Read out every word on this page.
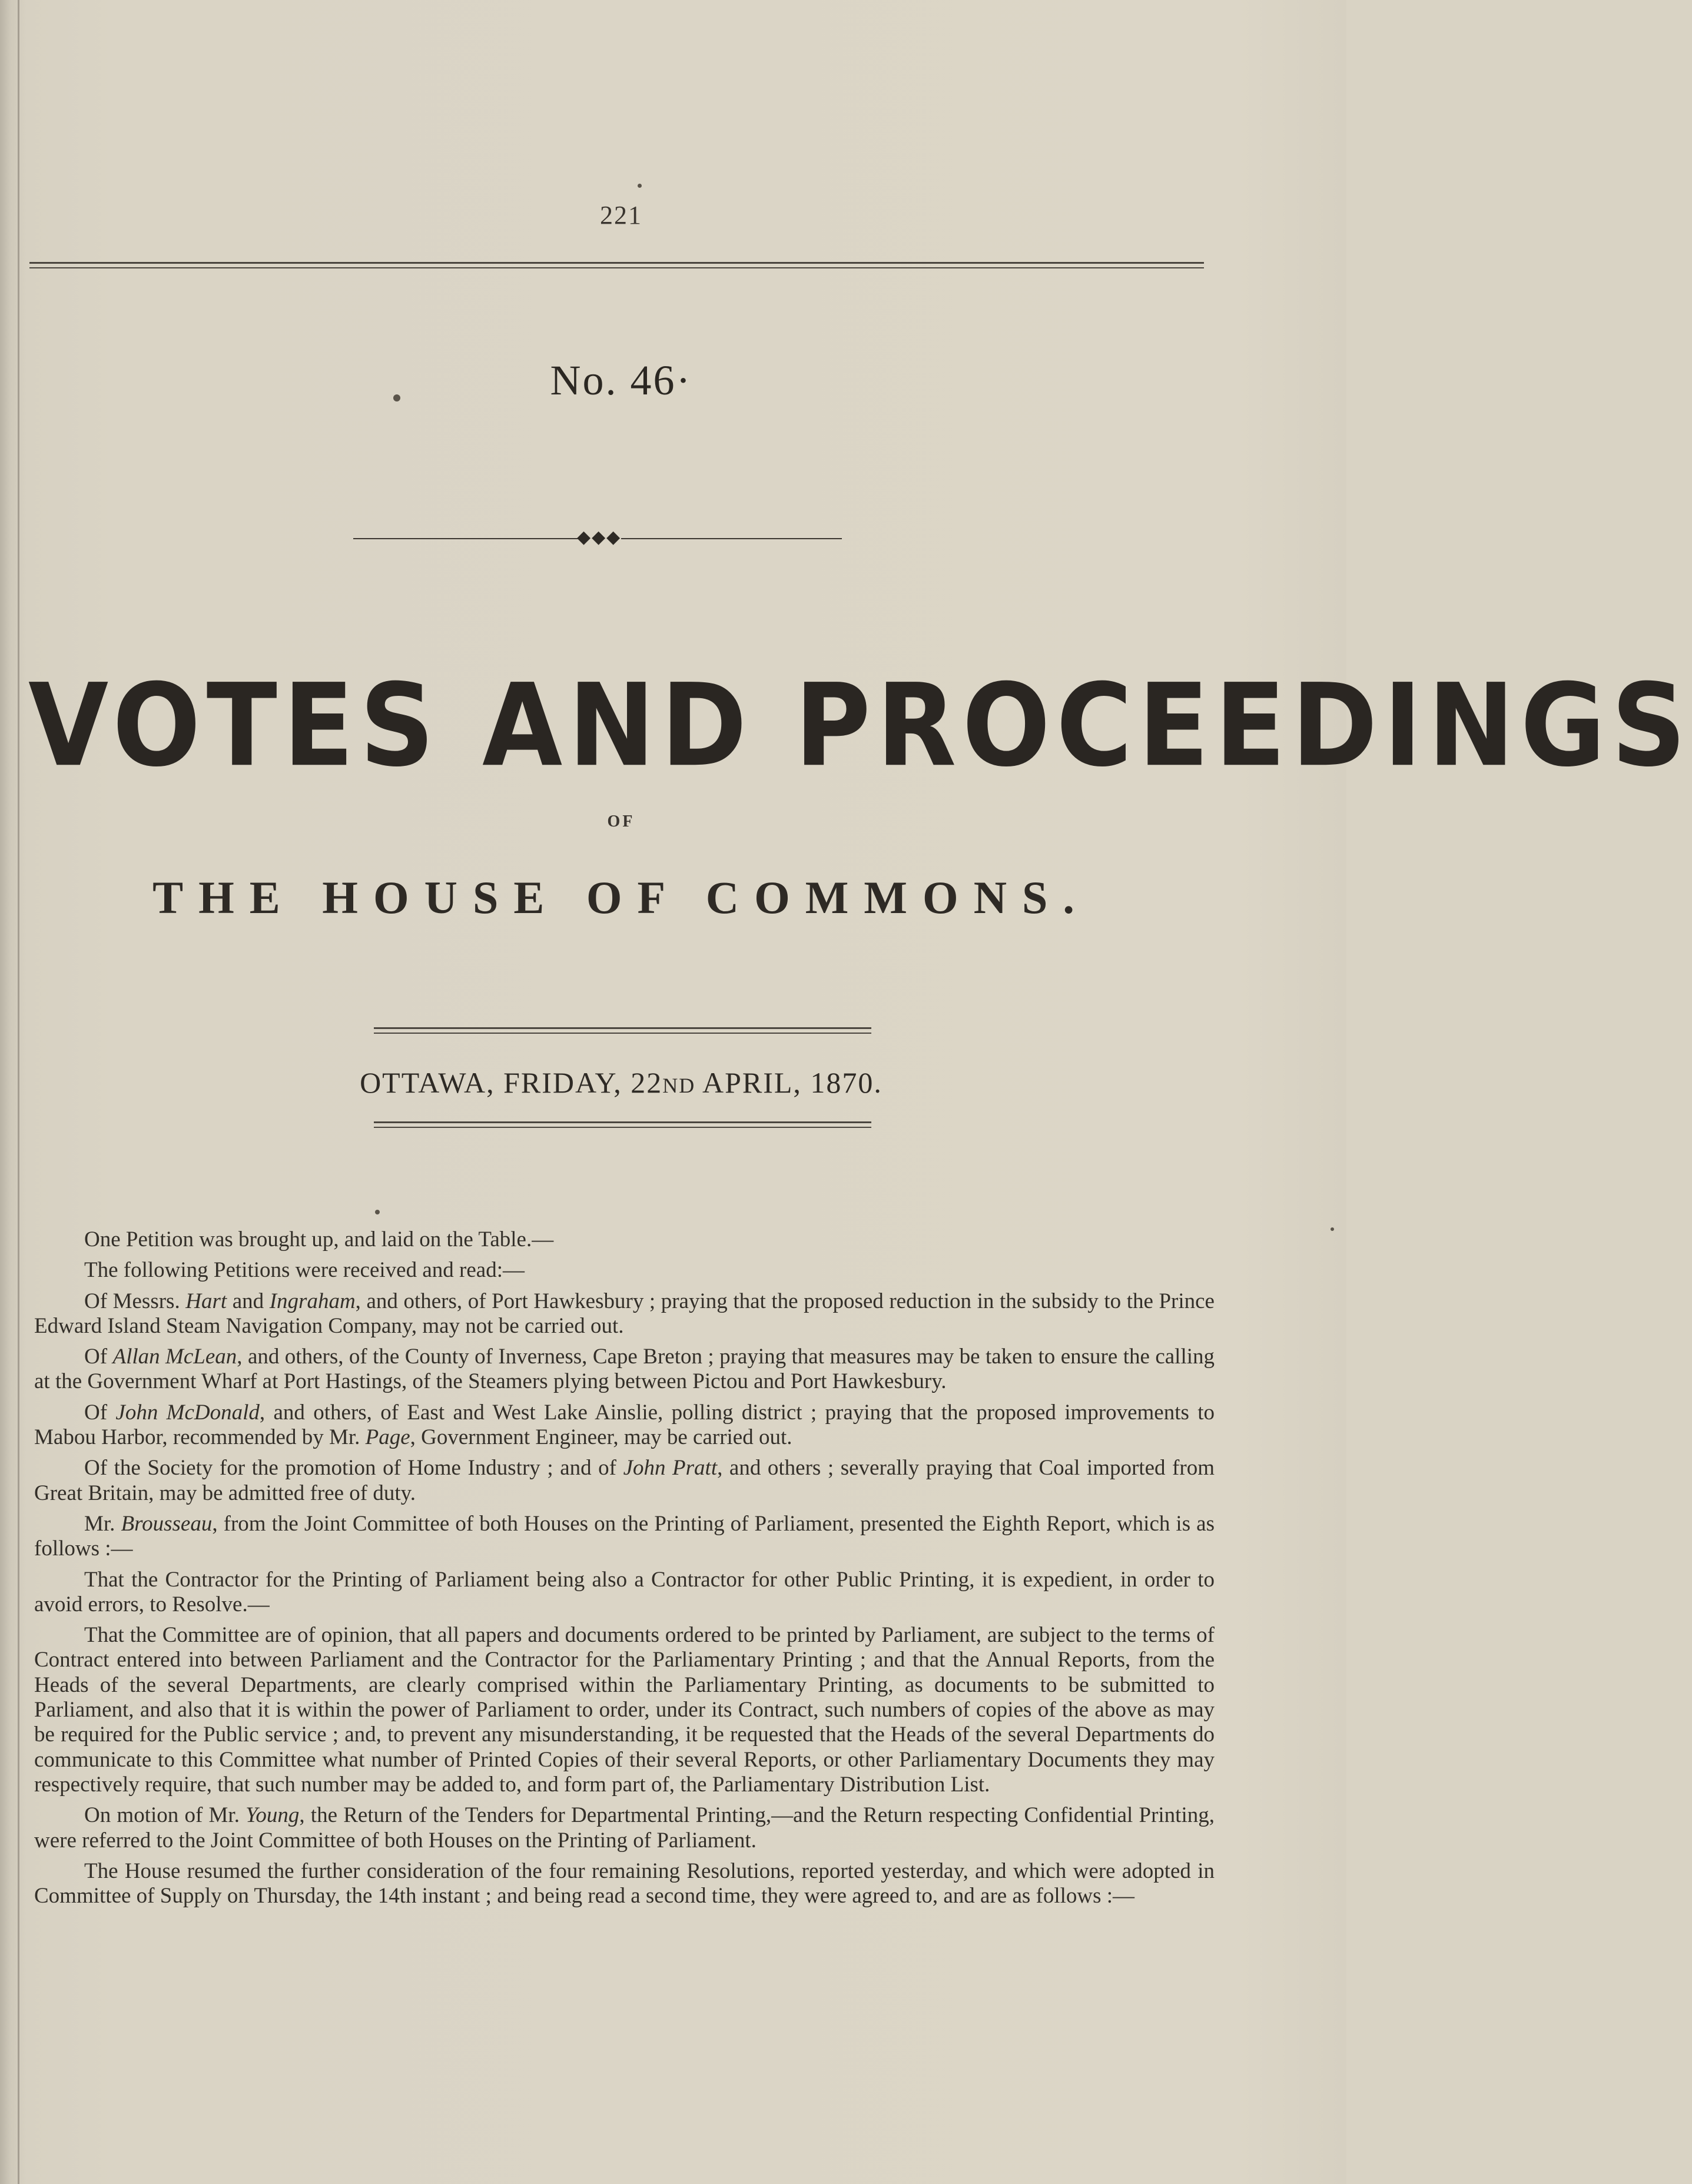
221
No. 46·
◆◆◆
VOTES AND PROCEEDINGS
OF
THE HOUSE OF COMMONS.
OTTAWA, FRIDAY, 22ND APRIL, 1870.

One Petition was brought up, and laid on the Table.—

The following Petitions were received and read:—

Of Messrs. Hart and Ingraham, and others, of Port Hawkesbury ; praying that the proposed reduction in the subsidy to the Prince Edward Island Steam Navigation Company, may not be carried out.

Of Allan McLean, and others, of the County of Inverness, Cape Breton ; praying that measures may be taken to ensure the calling at the Government Wharf at Port Hastings, of the Steamers plying between Pictou and Port Hawkesbury.

Of John McDonald, and others, of East and West Lake Ainslie, polling district ; praying that the proposed improvements to Mabou Harbor, recommended by Mr. Page, Government Engineer, may be carried out.

Of the Society for the promotion of Home Industry ; and of John Pratt, and others ; severally praying that Coal imported from Great Britain, may be admitted free of duty.

Mr. Brousseau, from the Joint Committee of both Houses on the Printing of Parliament, presented the Eighth Report, which is as follows :—

That the Contractor for the Printing of Parliament being also a Contractor for other Public Printing, it is expedient, in order to avoid errors, to Resolve.—

That the Committee are of opinion, that all papers and documents ordered to be printed by Parliament, are subject to the terms of Contract entered into between Parliament and the Contractor for the Parliamentary Printing ; and that the Annual Reports, from the Heads of the several Departments, are clearly comprised within the Parliamentary Printing, as documents to be submitted to Parliament, and also that it is within the power of Parliament to order, under its Contract, such numbers of copies of the above as may be required for the Public service ; and, to prevent any misunderstanding, it be requested that the Heads of the several Departments do communicate to this Committee what number of Printed Copies of their several Reports, or other Parliamentary Documents they may respectively require, that such number may be added to, and form part of, the Parliamentary Distribution List.

On motion of Mr. Young, the Return of the Tenders for Departmental Printing,—and the Return respecting Confidential Printing, were referred to the Joint Committee of both Houses on the Printing of Parliament.

The House resumed the further consideration of the four remaining Resolutions, reported yesterday, and which were adopted in Committee of Supply on Thursday, the 14th instant ; and being read a second time, they were agreed to, and are as follows :—
